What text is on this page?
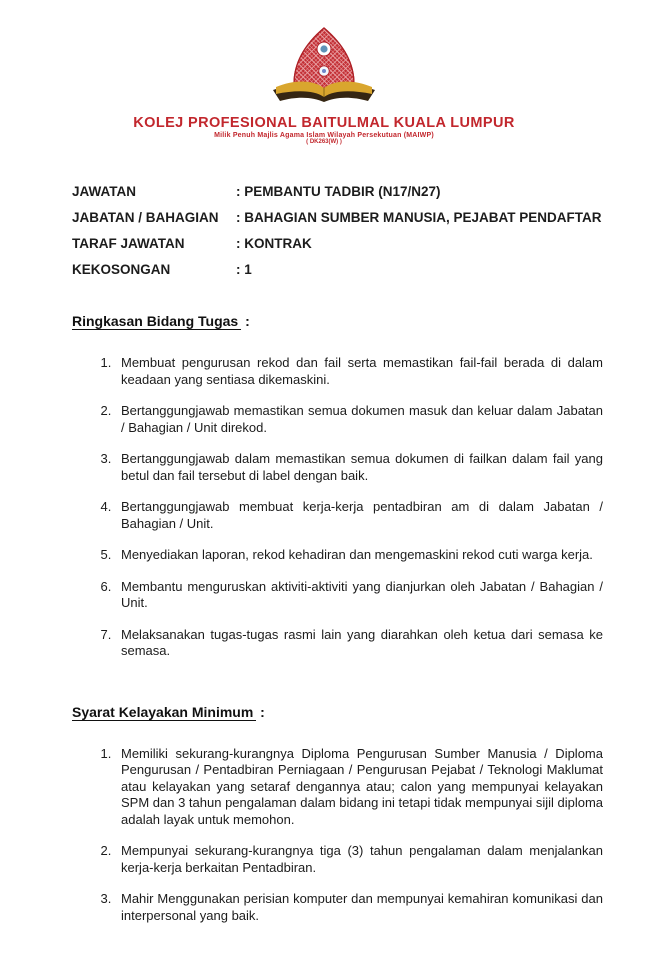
KOLEJ PROFESIONAL BAITULMAL KUALA LUMPUR
Milik Penuh Majlis Agama Islam Wilayah Persekutuan (MAIWP)
( DK263(W) )
JAWATAN	: PEMBANTU TADBIR (N17/N27)
JABATAN / BAHAGIAN	: BAHAGIAN SUMBER MANUSIA, PEJABAT PENDAFTAR
TARAF JAWATAN	: KONTRAK
KEKOSONGAN	: 1
Ringkasan Bidang Tugas :
1. Membuat pengurusan rekod dan fail serta memastikan fail-fail berada di dalam keadaan yang sentiasa dikemaskini.
2. Bertanggungjawab memastikan semua dokumen masuk dan keluar dalam Jabatan / Bahagian / Unit direkod.
3. Bertanggungjawab dalam memastikan semua dokumen di failkan dalam fail yang betul dan fail tersebut di label dengan baik.
4. Bertanggungjawab membuat kerja-kerja pentadbiran am di dalam Jabatan / Bahagian / Unit.
5. Menyediakan laporan, rekod kehadiran dan mengemaskini rekod cuti warga kerja.
6. Membantu menguruskan aktiviti-aktiviti yang dianjurkan oleh Jabatan / Bahagian / Unit.
7. Melaksanakan tugas-tugas rasmi lain yang diarahkan oleh ketua dari semasa ke semasa.
Syarat Kelayakan Minimum :
1. Memiliki sekurang-kurangnya Diploma Pengurusan Sumber Manusia / Diploma Pengurusan / Pentadbiran Perniagaan / Pengurusan Pejabat / Teknologi Maklumat atau kelayakan yang setaraf dengannya atau; calon yang mempunyai kelayakan SPM dan 3 tahun pengalaman dalam bidang ini tetapi tidak mempunyai sijil diploma adalah layak untuk memohon.
2. Mempunyai sekurang-kurangnya tiga (3) tahun pengalaman dalam menjalankan kerja-kerja berkaitan Pentadbiran.
3. Mahir Menggunakan perisian komputer dan mempunyai kemahiran komunikasi dan interpersonal yang baik.
